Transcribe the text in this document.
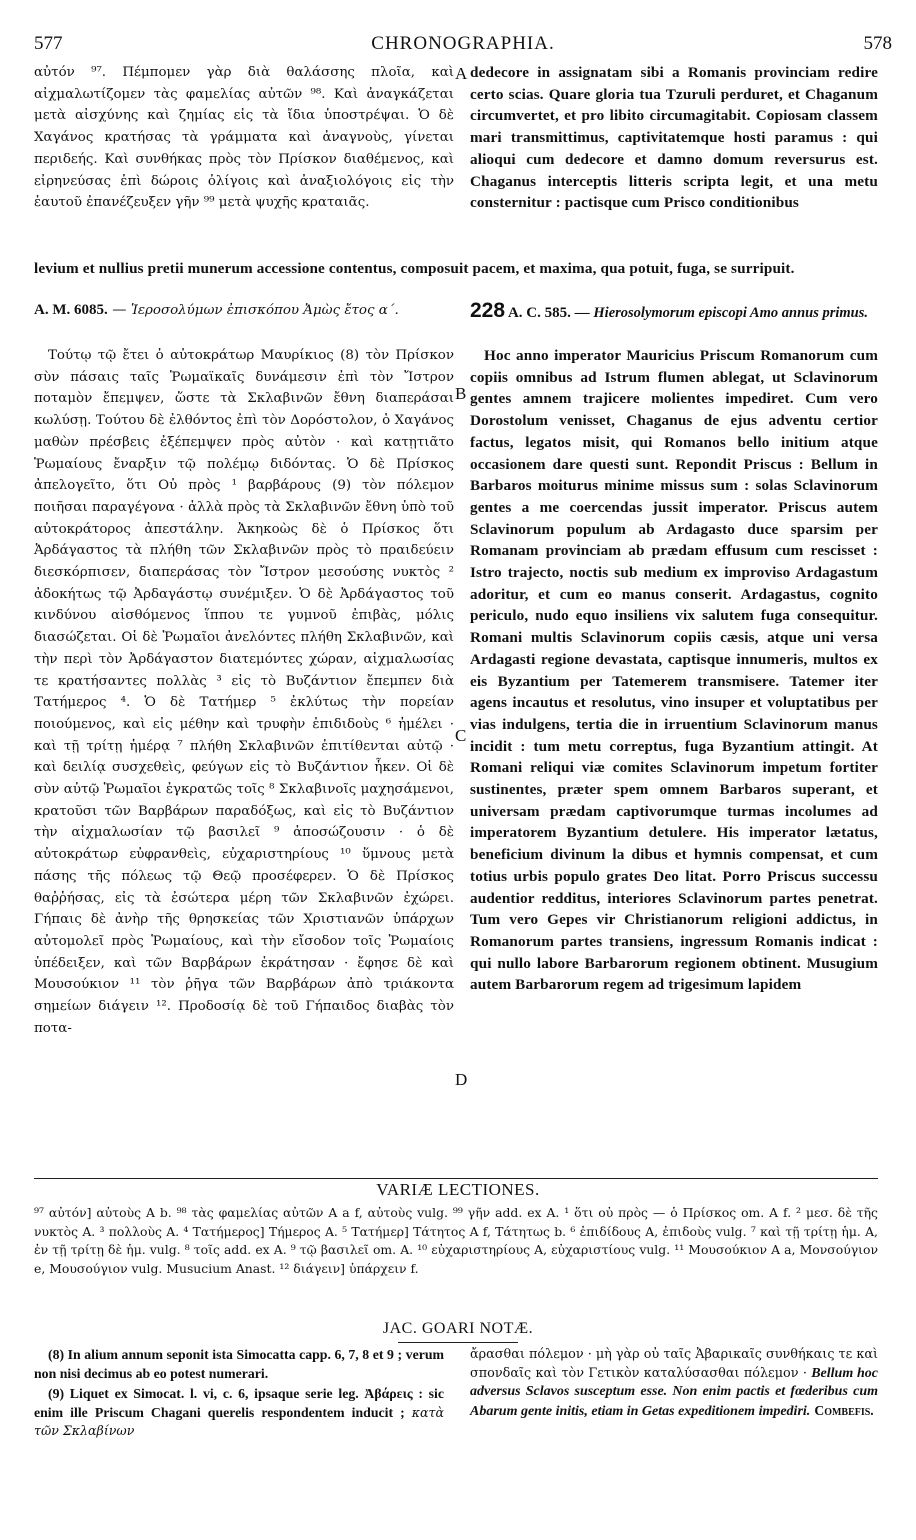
577	CHRONOGRAPHIA.	578

αὐτόν ⁹⁷. Πέμπομεν γὰρ διὰ θαλάσσης πλοῖα, καὶ αἰχμαλωτίζομεν τὰς φαμελίας αὐτῶν ⁹⁸. Καὶ ἀναγκάζεται μετὰ αἰσχύνης καὶ ζημίας εἰς τὰ ἴδια ὑποστρέψαι. Ὁ δὲ Χαγάνος κρατήσας τὰ γράμματα καὶ ἀναγνοὺς, γίνεται περιδεής. Καὶ συνθήκας πρὸς τὸν Πρίσκον διαθέμενος, καὶ εἰρηνεύσας ἐπὶ δώροις ὀλίγοις καὶ ἀναξιολόγοις εἰς τὴν ἑαυτοῦ ἐπανέζευξεν γῆν ⁹⁹ μετὰ ψυχῆς κραταιᾶς.

dedecore in assignatam sibi a Romanis provinciam redire certo scias. Quare gloria tua Tzuruli perduret, et Chaganum circumvertet, et pro libito circumagitabit. Copiosam classem mari transmittimus, captivitatemque hosti paramus : qui alioqui cum dedecore et damno domum reversurus est. Chaganus interceptis litteris scripta legit, et una metu consternitur : pactisque cum Prisco conditionibus

levium et nullius pretii munerum accessione contentus, composuit pacem, et maxima, qua potuit, fuga, se surripuit.

A. M. 6085. — Ἱεροσολύμων ἐπισκόπου Ἀμὼς ἔτος α΄.	228 A. C. 585. — Hierosolymorum episcopi Amo annus primus.

Τούτῳ τῷ ἔτει ὁ αὐτοκράτωρ Μαυρίκιος (8) τὸν Πρίσκον σὺν πάσαις ταῖς Ῥωμαϊκαῖς δυνάμεσιν ἐπὶ τὸν Ἴστρον ποταμὸν ἔπεμψεν, ὥστε τὰ Σκλαβινῶν ἔθνη διαπεράσαι κωλύσῃ. Τούτου δὲ ἐλθόντος ἐπὶ τὸν Δορόστολον, ὁ Χαγάνος μαθὼν πρέσβεις ἐξέπεμψεν πρὸς αὐτὸν · καὶ κατῃτιᾶτο Ῥωμαίους ἔναρξιν τῷ πολέμῳ διδόντας. Ὁ δὲ Πρίσκος ἀπελογεῖτο, ὅτι Οὐ πρὸς ¹ βαρβάρους (9) τὸν πόλεμον ποιῆσαι παραγέγονα · ἀλλὰ πρὸς τὰ Σκλαβινῶν ἔθνη ὑπὸ τοῦ αὐτοκράτορος ἀπεστάλην. Ἀκηκοὼς δὲ ὁ Πρίσκος ὅτι Ἀρδάγαστος τὰ πλήθη τῶν Σκλαβινῶν πρὸς τὸ πραιδεύειν διεσκόρπισεν, διαπεράσας τὸν Ἴστρον μεσούσης νυκτὸς ² ἀδοκήτως τῷ Ἀρδαγάστῳ συνέμιξεν. Ὁ δὲ Ἀρδάγαστος τοῦ κινδύνου αἰσθόμενος ἵππου τε γυμνοῦ ἐπιβὰς, μόλις διασώζεται. Οἱ δὲ Ῥωμαῖοι ἀνελόντες πλήθη Σκλαβινῶν, καὶ τὴν περὶ τὸν Ἀρδάγαστον διατεμόντες χώραν, αἰχμαλωσίας τε κρατήσαντες πολλὰς ³ εἰς τὸ Βυζάντιον ἔπεμπεν διὰ Τατήμερος ⁴. Ὁ δὲ Τατήμερ ⁵ ἐκλύτως τὴν πορείαν ποιούμενος, καὶ εἰς μέθην καὶ τρυφὴν ἐπιδιδοὺς ⁶ ἠμέλει · καὶ τῇ τρίτῃ ἡμέρᾳ ⁷ πλήθη Σκλαβινῶν ἐπιτίθενται αὐτῷ · καὶ δειλίᾳ συσχεθεὶς, φεύγων εἰς τὸ Βυζάντιον ἧκεν. Οἱ δὲ σὺν αὐτῷ Ῥωμαῖοι ἐγκρατῶς τοῖς ⁸ Σκλαβινοῖς μαχησάμενοι, κρατοῦσι τῶν Βαρβάρων παραδόξως, καὶ εἰς τὸ Βυζάντιον τὴν αἰχμαλωσίαν τῷ βασιλεῖ ⁹ ἀποσώζουσιν · ὁ δὲ αὐτοκράτωρ εὐφρανθεὶς, εὐχαριστηρίους ¹⁰ ὕμνους μετὰ πάσης τῆς πόλεως τῷ Θεῷ προσέφερεν. Ὁ δὲ Πρίσκος θαῤῥήσας, εἰς τὰ ἐσώτερα μέρη τῶν Σκλαβινῶν ἐχώρει. Γήπαις δὲ ἀνὴρ τῆς θρησκείας τῶν Χριστιανῶν ὑπάρχων αὐτομολεῖ πρὸς Ῥωμαίους, καὶ τὴν εἴσοδον τοῖς Ῥωμαίοις ὑπέδειξεν, καὶ τῶν Βαρβάρων ἐκράτησαν · ἔφησε δὲ καὶ Μουσούκιον ¹¹ τὸν ῥῆγα τῶν Βαρβάρων ἀπὸ τριάκοντα σημείων διάγειν ¹². Προδοσίᾳ δὲ τοῦ Γήπαιδος διαβὰς τὸν ποτα-

Hoc anno imperator Mauricius Priscum Romanorum cum copiis omnibus ad Istrum flumen ablegat, ut Sclavinorum gentes amnem trajicere molientes impediret. Cum vero Dorostolum venisset, Chaganus de ejus adventu certior factus, legatos misit, qui Romanos bello initium atque occasionem dare questi sunt. Repondit Priscus : Bellum in Barbaros moiturus minime missus sum : solas Sclavinorum gentes a me coercendas jussit imperator. Priscus autem Sclavinorum populum ab Ardagasto duce sparsim per Romanam provinciam ab prædam effusum cum rescisset : Istro trajecto, noctis sub medium ex improviso Ardagastum adoritur, et cum eo manus conserit. Ardagastus, cognito periculo, nudo equo insiliens vix salutem fuga consequitur. Romani multis Sclavinorum copiis cæsis, atque uni versa Ardagasti regione devastata, captisque innumeris, multos ex eis Byzantium per Tatemerem transmisere. Tatemer iter agens incautus et resolutus, vino insuper et voluptatibus per vias indulgens, tertia die in irruentium Sclavinorum manus incidit : tum metu correptus, fuga Byzantium attingit. At Romani reliqui viæ comites Sclavinorum impetum fortiter sustinentes, præter spem omnem Barbaros superant, et universam prædam captivorumque turmas incolumes ad imperatorem Byzantium detulere. His imperator lætatus, beneficium divinum la dibus et hymnis compensat, et cum totius urbis populo grates Deo litat. Porro Priscus successu audentior redditus, interiores Sclavinorum partes penetrat. Tum vero Gepes vir Christianorum religioni addictus, in Romanorum partes transiens, ingressum Romanis indicat : qui nullo labore Barbarorum regionem obtinent. Musugium autem Barbarorum regem ad trigesimum lapidem

A
B
C
D
VARIÆ LECTIONES.
⁹⁷ αὐτόν] αὐτοὺς A b. ⁹⁸ τὰς φαμελίας αὐτῶν A a f, αὐτοὺς vulg. ⁹⁹ γῆν add. ex A. ¹ ὅτι οὐ πρὸς — ὁ Πρίσκος om. A f. ² μεσ. δὲ τῆς νυκτὸς A. ³ πολλοὺς A. ⁴ Τατήμερος] Τήμερος A. ⁵ Τατήμερ] Τάτητος A f, Τάτητως b. ⁶ ἐπιδίδους A, ἐπιδοὺς vulg. ⁷ καὶ τῇ τρίτῃ ἡμ. A, ἐν τῇ τρίτῃ δὲ ἡμ. vulg. ⁸ τοῖς add. ex A. ⁹ τῷ βασιλεῖ om. A. ¹⁰ εὐχαριστηρίους A, εὐχαριστίους vulg. ¹¹ Μουσούκιον A a, Μονσούγιον e, Μουσούγιον vulg. Musucium Anast. ¹² διάγειν] ὑπάρχειν f.
JAC. GOARI NOTÆ.

(8) In alium annum seponit ista Simocatta capp. 6, 7, 8 et 9 ; verum non nisi decimus ab eo potest numerari.

(9) Liquet ex Simocat. l. vi, c. 6, ipsaque serie leg. Ἀβάρεις : sic enim ille Priscum Chagani querelis respondentem inducit ; κατὰ τῶν Σκλαβίνων

ἄρασθαι πόλεμον · μὴ γὰρ οὐ ταῖς Ἀβαρικαῖς συνθήκαις τε καὶ σπονδαῖς καὶ τὸν Γετικὸν καταλύσασθαι πόλεμον · Bellum hoc adversus Sclavos susceptum esse. Non enim pactis et fœderibus cum Abarum gente initis, etiam in Getas expeditionem impediri. Combefis.
